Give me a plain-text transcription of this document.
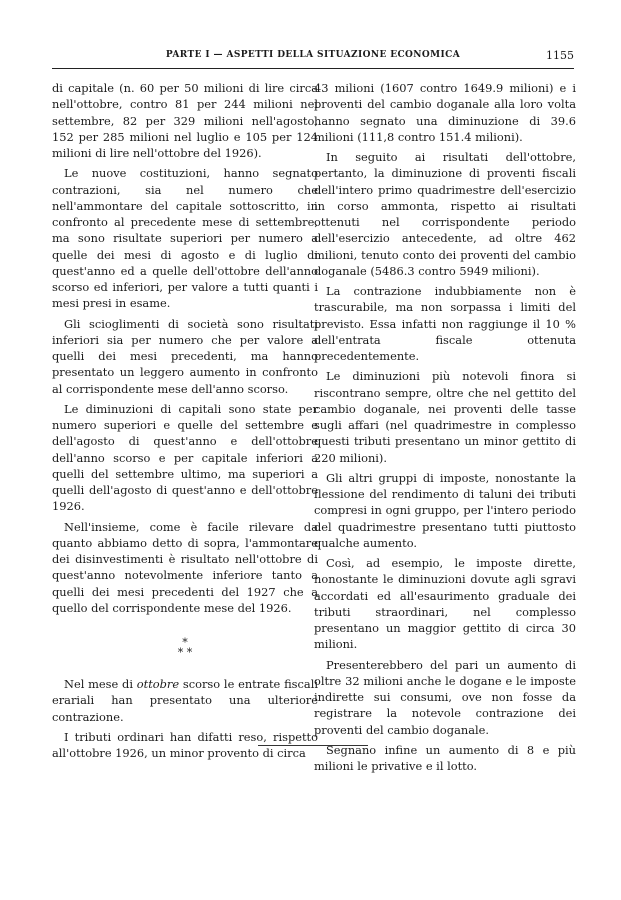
PARTE I — ASPETTI DELLA SITUAZIONE ECONOMICA	1155

di capitale (n. 60 per 50 milioni di lire circa nell'ottobre, contro 81 per 244 milioni nel settembre, 82 per 329 milioni nell'agosto, 152 per 285 milioni nel luglio e 105 per 124 milioni di lire nell'ottobre del 1926).

Le nuove costituzioni, hanno segnato contrazioni, sia nel numero che nell'ammontare del capitale sottoscritto, in confronto al precedente mese di settembre, ma sono risultate superiori per numero a quelle dei mesi di agosto e di luglio di quest'anno ed a quelle dell'ottobre dell'anno scorso ed inferiori, per valore a tutti quanti i mesi presi in esame.

Gli scioglimenti di società sono risultati inferiori sia per numero che per valore a quelli dei mesi precedenti, ma hanno presentato un leggero aumento in confronto al corrispondente mese dell'anno scorso.

Le diminuzioni di capitali sono state per numero superiori e quelle del settembre e dell'agosto di quest'anno e dell'ottobre dell'anno scorso e per capitale inferiori a quelli del settembre ultimo, ma superiori a quelli dell'agosto di quest'anno e dell'ottobre 1926.

Nell'insieme, come è facile rilevare da quanto abbiamo detto di sopra, l'ammontare dei disinvestimenti è risultato nell'ottobre di quest'anno notevolmente inferiore tanto a quelli dei mesi precedenti del 1927 che a quello del corrispondente mese del 1926.

*
* *

Nel mese di ottobre scorso le entrate fiscali erariali han presentato una ulteriore contrazione.

I tributi ordinari han difatti reso, rispetto all'ottobre 1926, un minor provento di circa

43 milioni (1607 contro 1649.9 milioni) e i proventi del cambio doganale alla loro volta hanno segnato una diminuzione di 39.6 milioni (111,8 contro 151.4 milioni).

In seguito ai risultati dell'ottobre, pertanto, la diminuzione di proventi fiscali dell'intero primo quadrimestre dell'esercizio in corso ammonta, rispetto ai risultati ottenuti nel corrispondente periodo dell'esercizio antecedente, ad oltre 462 milioni, tenuto conto dei proventi del cambio doganale (5486.3 contro 5949 milioni).

La contrazione indubbiamente non è trascurabile, ma non sorpassa i limiti del previsto. Essa infatti non raggiunge il 10 % dell'entrata fiscale ottenuta precedentemente.

Le diminuzioni più notevoli finora si riscontrano sempre, oltre che nel gettito del cambio doganale, nei proventi delle tasse sugli affari (nel quadrimestre in complesso questi tributi presentano un minor gettito di 220 milioni).

Gli altri gruppi di imposte, nonostante la flessione del rendimento di taluni dei tributi compresi in ogni gruppo, per l'intero periodo del quadrimestre presentano tutti piuttosto qualche aumento.

Così, ad esempio, le imposte dirette, nonostante le diminuzioni dovute agli sgravi accordati ed all'esaurimento graduale dei tributi straordinari, nel complesso presentano un maggior gettito di circa 30 milioni.

Presenterebbero del pari un aumento di oltre 32 milioni anche le dogane e le imposte indirette sui consumi, ove non fosse da registrare la notevole contrazione dei proventi del cambio doganale.

Segnano infine un aumento di 8 e più milioni le privative e il lotto.
